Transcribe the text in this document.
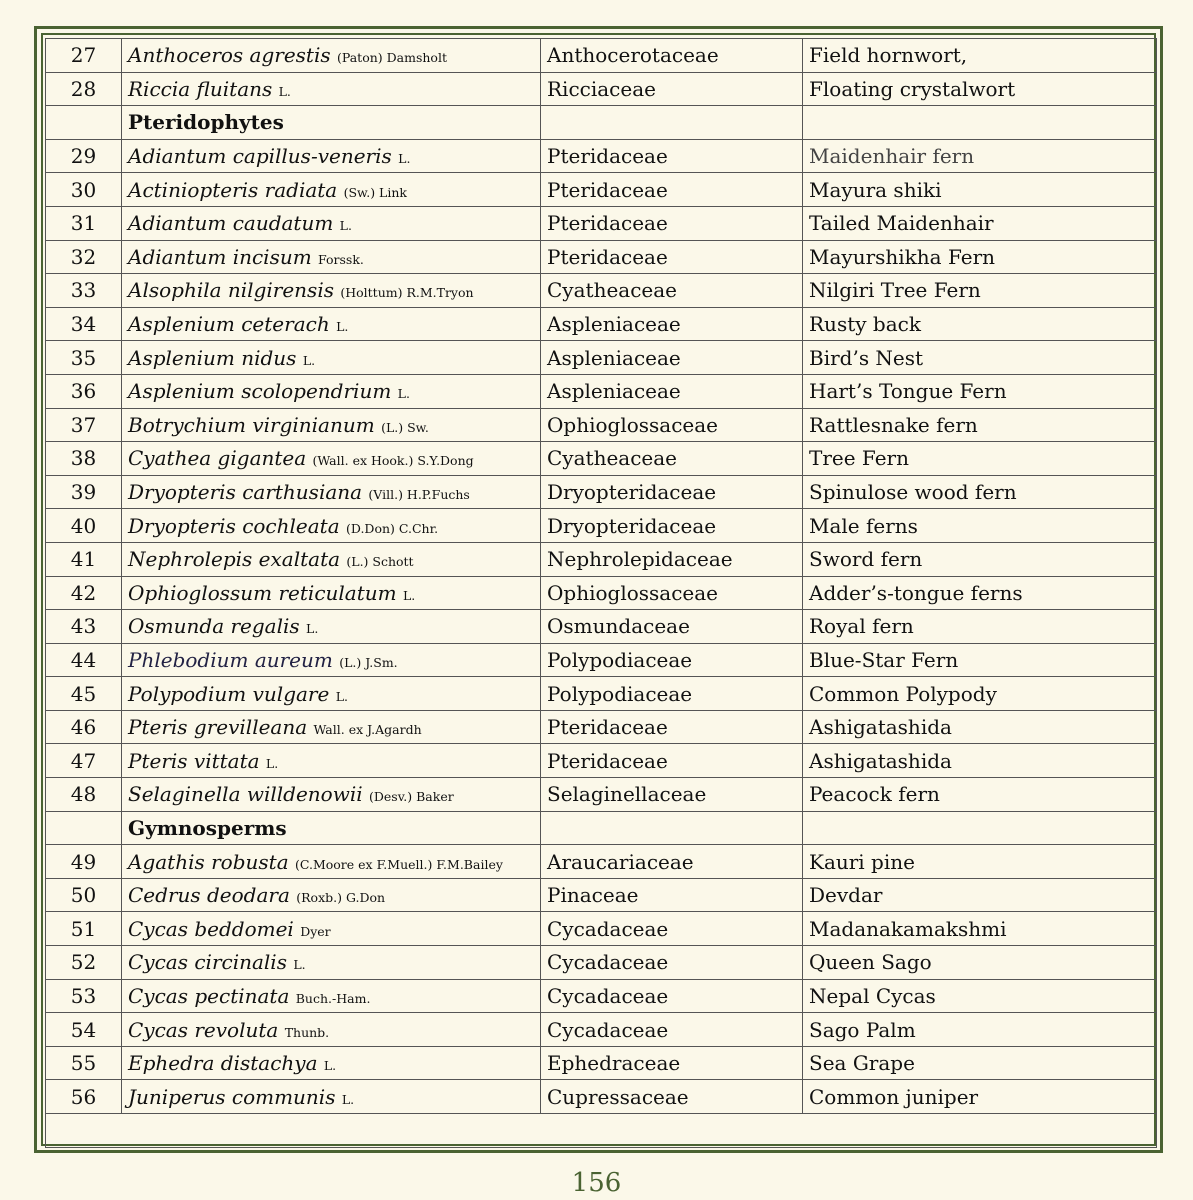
27	Anthoceros agrestis (Paton) Damsholt	Anthocerotaceae	Field hornwort,
28	Riccia fluitans L.	Ricciaceae	Floating crystalwort
	Pteridophytes		
29	Adiantum capillus-veneris L.	Pteridaceae	Maidenhair fern
30	Actiniopteris radiata (Sw.) Link	Pteridaceae	Mayura shiki
31	Adiantum caudatum L.	Pteridaceae	Tailed Maidenhair
32	Adiantum incisum Forssk.	Pteridaceae	Mayurshikha Fern
33	Alsophila nilgirensis (Holttum) R.M.Tryon	Cyatheaceae	Nilgiri Tree Fern
34	Asplenium ceterach L.	Aspleniaceae	Rusty back
35	Asplenium nidus L.	Aspleniaceae	Bird’s Nest
36	Asplenium scolopendrium L.	Aspleniaceae	Hart’s Tongue Fern
37	Botrychium virginianum (L.) Sw.	Ophioglossaceae	Rattlesnake fern
38	Cyathea gigantea (Wall. ex Hook.) S.Y.Dong	Cyatheaceae	Tree Fern
39	Dryopteris carthusiana (Vill.) H.P.Fuchs	Dryopteridaceae	Spinulose wood fern
40	Dryopteris cochleata (D.Don) C.Chr.	Dryopteridaceae	Male ferns
41	Nephrolepis exaltata (L.) Schott	Nephrolepidaceae	Sword fern
42	Ophioglossum reticulatum L.	Ophioglossaceae	Adder’s-tongue ferns
43	Osmunda regalis L.	Osmundaceae	Royal fern
44	Phlebodium aureum (L.) J.Sm.	Polypodiaceae	Blue-Star Fern
45	Polypodium vulgare L.	Polypodiaceae	Common Polypody
46	Pteris grevilleana Wall. ex J.Agardh	Pteridaceae	Ashigatashida
47	Pteris vittata L.	Pteridaceae	Ashigatashida
48	Selaginella willdenowii (Desv.) Baker	Selaginellaceae	Peacock fern
	Gymnosperms		
49	Agathis robusta (C.Moore ex F.Muell.) F.M.Bailey	Araucariaceae	Kauri pine
50	Cedrus deodara (Roxb.) G.Don	Pinaceae	Devdar
51	Cycas beddomei Dyer	Cycadaceae	Madanakamakshmi
52	Cycas circinalis L.	Cycadaceae	Queen Sago
53	Cycas pectinata Buch.-Ham.	Cycadaceae	Nepal Cycas
54	Cycas revoluta Thunb.	Cycadaceae	Sago Palm
55	Ephedra distachya L.	Ephedraceae	Sea Grape
56	Juniperus communis L.	Cupressaceae	Common juniper

156
